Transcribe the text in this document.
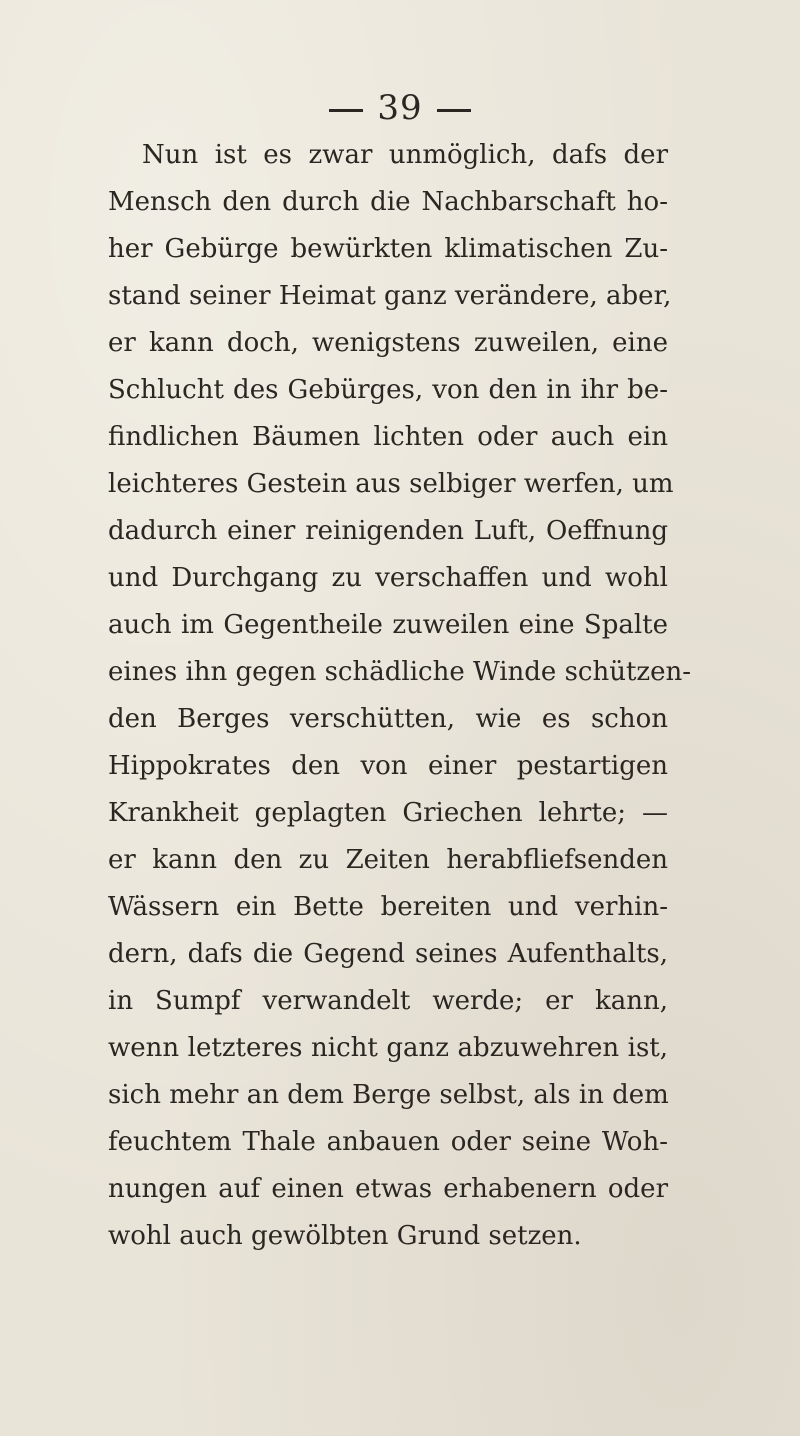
39
Nun ist es zwar unmöglich, dafs der
Mensch den durch die Nachbarschaft ho-
her Gebürge bewürkten klimatischen Zu-
stand seiner Heimat ganz verändere, aber,
er kann doch, wenigstens zuweilen, eine
Schlucht des Gebürges, von den in ihr be-
findlichen Bäumen lichten oder auch ein
leichteres Gestein aus selbiger werfen, um
dadurch einer reinigenden Luft, Oeffnung
und Durchgang zu verschaffen und wohl
auch im Gegentheile zuweilen eine Spalte
eines ihn gegen schädliche Winde schützen-
den Berges verschütten, wie es schon
Hippokrates den von einer pestartigen
Krankheit geplagten Griechen lehrte; —
er kann den zu Zeiten herabfliefsenden
Wässern ein Bette bereiten und verhin-
dern, dafs die Gegend seines Aufenthalts,
in Sumpf verwandelt werde; er kann,
wenn letzteres nicht ganz abzuwehren ist,
sich mehr an dem Berge selbst, als in dem
feuchtem Thale anbauen oder seine Woh-
nungen auf einen etwas erhabenern oder
wohl auch gewölbten Grund setzen.
